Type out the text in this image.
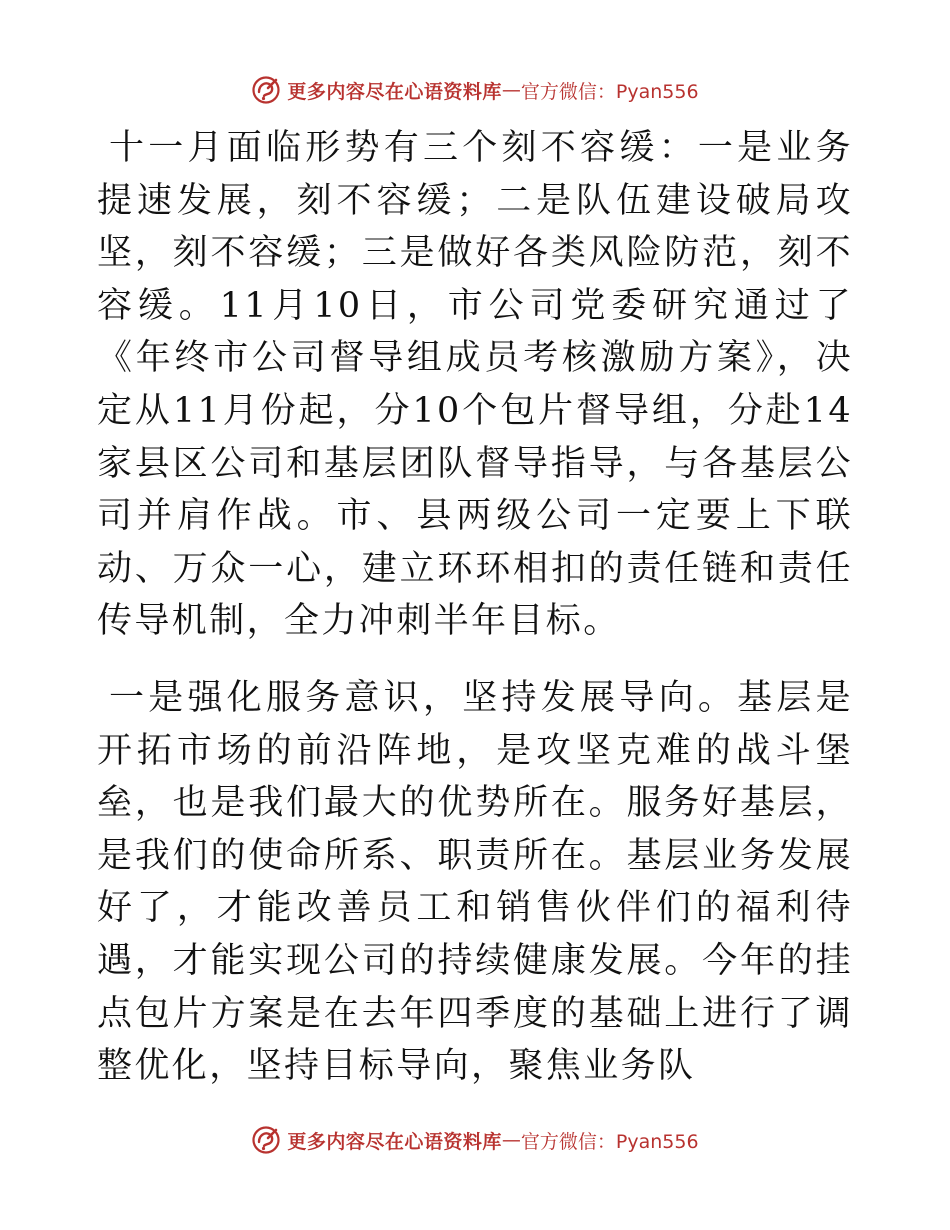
更多内容尽在心语资料库 — 官方微信：Pyan556

十一月面临形势有三个刻不容缓：一是业务提速发展，刻不容缓；二是队伍建设破局攻坚，刻不容缓；三是做好各类风险防范，刻不容缓。11月10日，市公司党委研究通过了《年终市公司督导组成员考核激励方案》，决定从11月份起，分10个包片督导组，分赴14家县区公司和基层团队督导指导，与各基层公司并肩作战。市、县两级公司一定要上下联动、万众一心，建立环环相扣的责任链和责任传导机制，全力冲刺半年目标。

一是强化服务意识，坚持发展导向。基层是开拓市场的前沿阵地，是攻坚克难的战斗堡垒，也是我们最大的优势所在。服务好基层，是我们的使命所系、职责所在。基层业务发展好了，才能改善员工和销售伙伴们的福利待遇，才能实现公司的持续健康发展。今年的挂点包片方案是在去年四季度的基础上进行了调整优化，坚持目标导向，聚焦业务队

更多内容尽在心语资料库 — 官方微信：Pyan556
